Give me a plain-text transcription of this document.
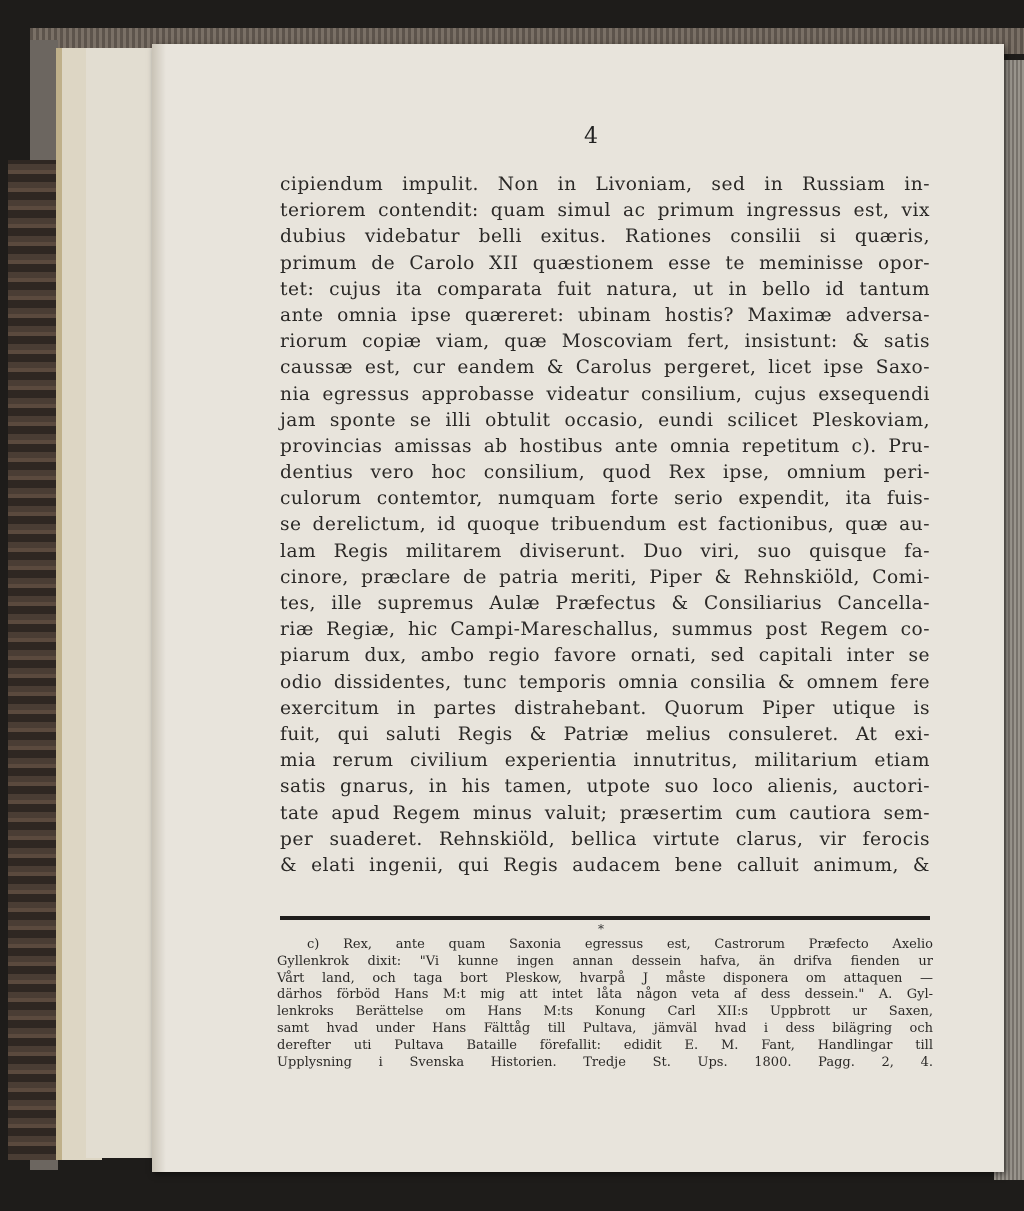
4
cipiendum impulit. Non in Livoniam, sed in Russiam in-
teriorem contendit: quam simul ac primum ingressus est, vix
dubius videbatur belli exitus. Rationes consilii si quæris,
primum de Carolo XII quæstionem esse te meminisse opor-
tet: cujus ita comparata fuit natura, ut in bello id tantum
ante omnia ipse quæreret: ubinam hostis? Maximæ adversa-
riorum copiæ viam, quæ Moscoviam fert, insistunt: & satis
caussæ est, cur eandem & Carolus pergeret, licet ipse Saxo-
nia egressus approbasse videatur consilium, cujus exsequendi
jam sponte se illi obtulit occasio, eundi scilicet Pleskoviam,
provincias amissas ab hostibus ante omnia repetitum c). Pru-
dentius vero hoc consilium, quod Rex ipse, omnium peri-
culorum contemtor, numquam forte serio expendit, ita fuis-
se derelictum, id quoque tribuendum est factionibus, quæ au-
lam Regis militarem diviserunt. Duo viri, suo quisque fa-
cinore, præclare de patria meriti, Piper & Rehnskiöld, Comi-
tes, ille supremus Aulæ Præfectus & Consiliarius Cancella-
riæ Regiæ, hic Campi-Mareschallus, summus post Regem co-
piarum dux, ambo regio favore ornati, sed capitali inter se
odio dissidentes, tunc temporis omnia consilia & omnem fere
exercitum in partes distrahebant. Quorum Piper utique is
fuit, qui saluti Regis & Patriæ melius consuleret. At exi-
mia rerum civilium experientia innutritus, militarium etiam
satis gnarus, in his tamen, utpote suo loco alienis, auctori-
tate apud Regem minus valuit; præsertim cum cautiora sem-
per suaderet. Rehnskiöld, bellica virtute clarus, vir ferocis
& elati ingenii, qui Regis audacem bene calluit animum, &
*
c) Rex, ante quam Saxonia egressus est, Castrorum Præfecto Axelio
Gyllenkrok dixit: "Vi kunne ingen annan dessein hafva, än drifva fienden ur
Vårt land, och taga bort Pleskow, hvarpå J måste disponera om attaquen —
därhos förböd Hans M:t mig att intet låta någon veta af dess dessein." A. Gyl-
lenkroks Berättelse om Hans M:ts Konung Carl XII:s Uppbrott ur Saxen,
samt hvad under Hans Fälttåg till Pultava, jämväl hvad i dess bilägring och
derefter uti Pultava Bataille förefallit: edidit E. M. Fant, Handlingar till
Upplysning i Svenska Historien. Tredje St. Ups. 1800. Pagg. 2, 4.
